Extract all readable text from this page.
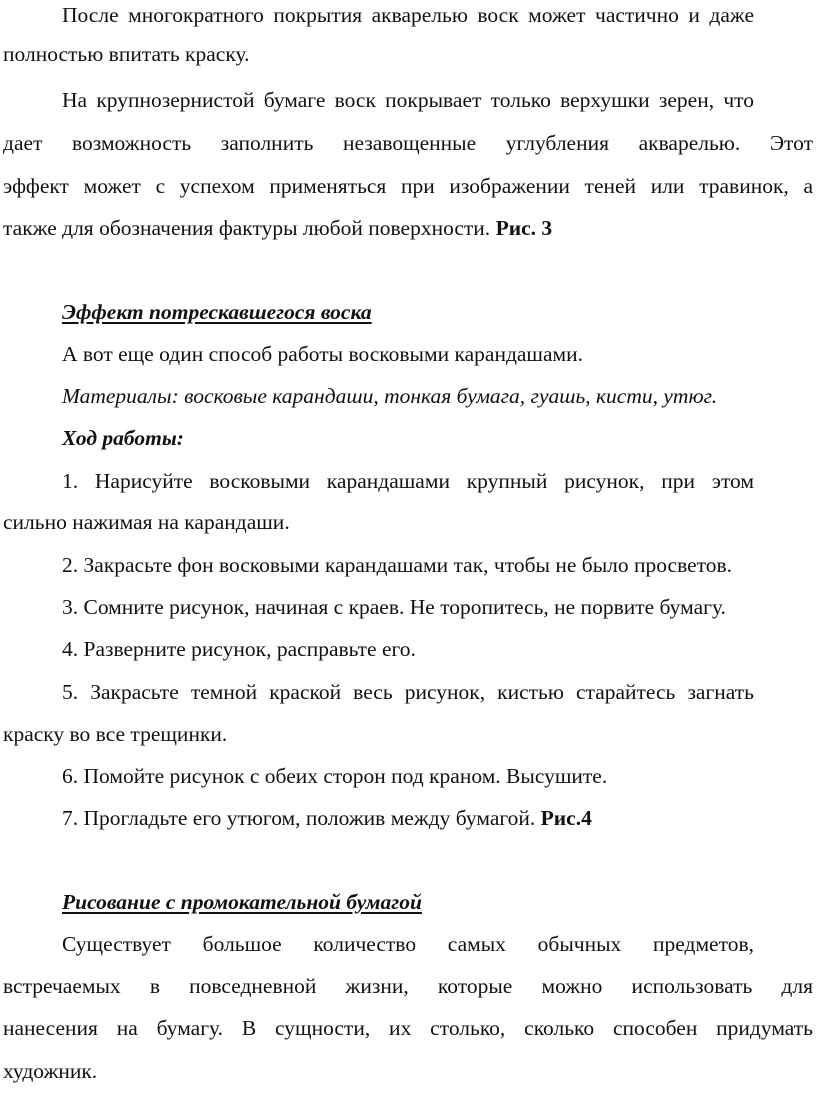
После многократного покрытия акварелью воск может частично и даже
полностью впитать краску.
На крупнозернистой бумаге воск покрывает только верхушки зерен, что
дает возможность заполнить незавощенные углубления акварелью. Этот
эффект может с успехом применяться при изображении теней или травинок, а
также для обозначения фактуры любой поверхности. Рис. 3
Эффект потрескавшегося воска
А вот еще один способ работы восковыми карандашами.
Материалы: восковые карандаши, тонкая бумага, гуашь, кисти, утюг.
Ход работы:
1. Нарисуйте восковыми карандашами крупный рисунок, при этом
сильно нажимая на карандаши.
2. Закрасьте фон восковыми карандашами так, чтобы не было просветов.
3. Сомните рисунок, начиная с краев. Не торопитесь, не порвите бумагу.
4. Разверните рисунок, расправьте его.
5. Закрасьте темной краской весь рисунок, кистью старайтесь загнать
краску во все трещинки.
6. Помойте рисунок с обеих сторон под краном. Высушите.
7. Прогладьте его утюгом, положив между бумагой. Рис.4
Рисование с промокательной бумагой
Существует большое количество самых обычных предметов,
встречаемых в повседневной жизни, которые можно использовать для
нанесения на бумагу. В сущности, их столько, сколько способен придумать
художник.
